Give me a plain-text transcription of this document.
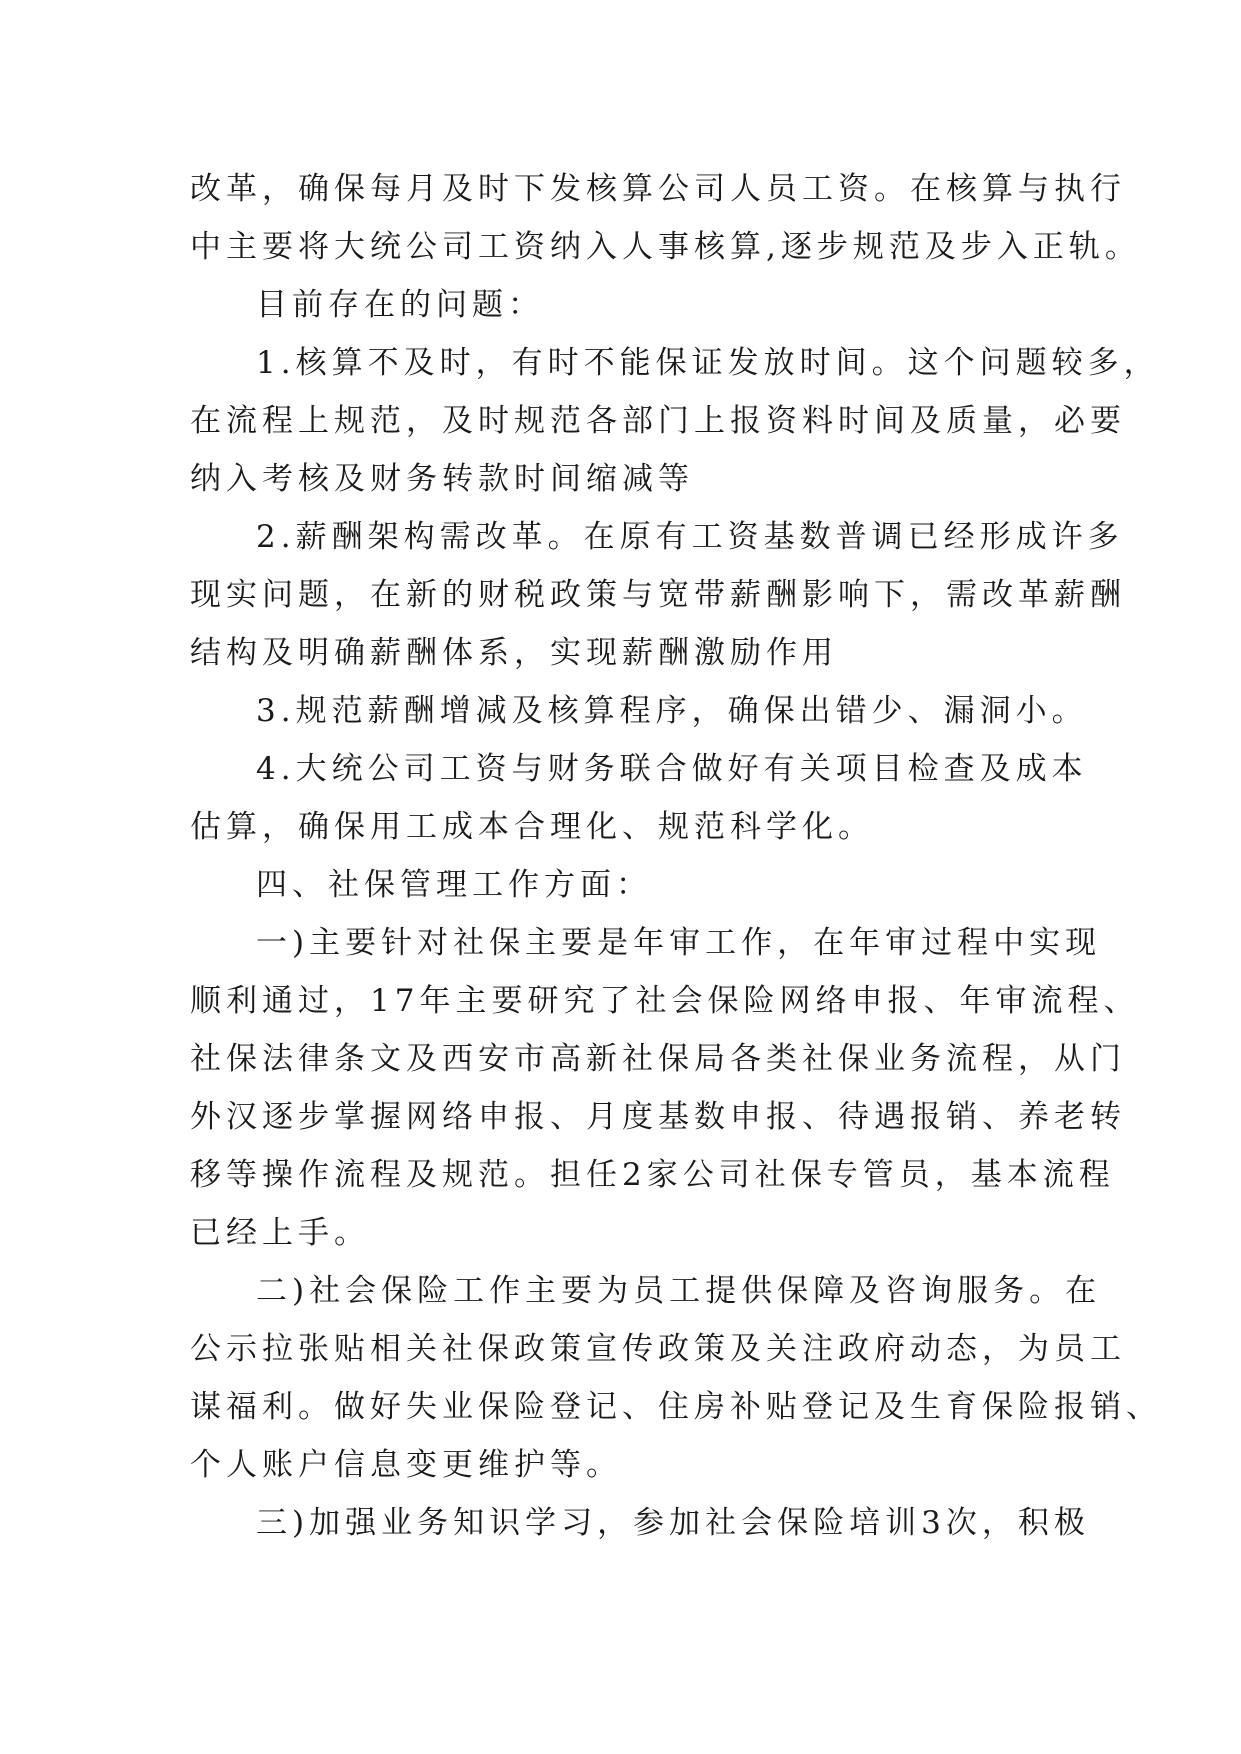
改革，确保每月及时下发核算公司人员工资。在核算与执行
中主要将大统公司工资纳入人事核算,逐步规范及步入正轨。
目前存在的问题：
1.核算不及时，有时不能保证发放时间。这个问题较多，
在流程上规范，及时规范各部门上报资料时间及质量，必要
纳入考核及财务转款时间缩减等
2.薪酬架构需改革。在原有工资基数普调已经形成许多
现实问题，在新的财税政策与宽带薪酬影响下，需改革薪酬
结构及明确薪酬体系，实现薪酬激励作用
3.规范薪酬增减及核算程序，确保出错少、漏洞小。
4.大统公司工资与财务联合做好有关项目检查及成本
估算，确保用工成本合理化、规范科学化。
四、社保管理工作方面：
一)主要针对社保主要是年审工作，在年审过程中实现
顺利通过，17年主要研究了社会保险网络申报、年审流程、
社保法律条文及西安市高新社保局各类社保业务流程，从门
外汉逐步掌握网络申报、月度基数申报、待遇报销、养老转
移等操作流程及规范。担任2家公司社保专管员，基本流程
已经上手。
二)社会保险工作主要为员工提供保障及咨询服务。在
公示拉张贴相关社保政策宣传政策及关注政府动态，为员工
谋福利。做好失业保险登记、住房补贴登记及生育保险报销、
个人账户信息变更维护等。
三)加强业务知识学习，参加社会保险培训3次，积极
